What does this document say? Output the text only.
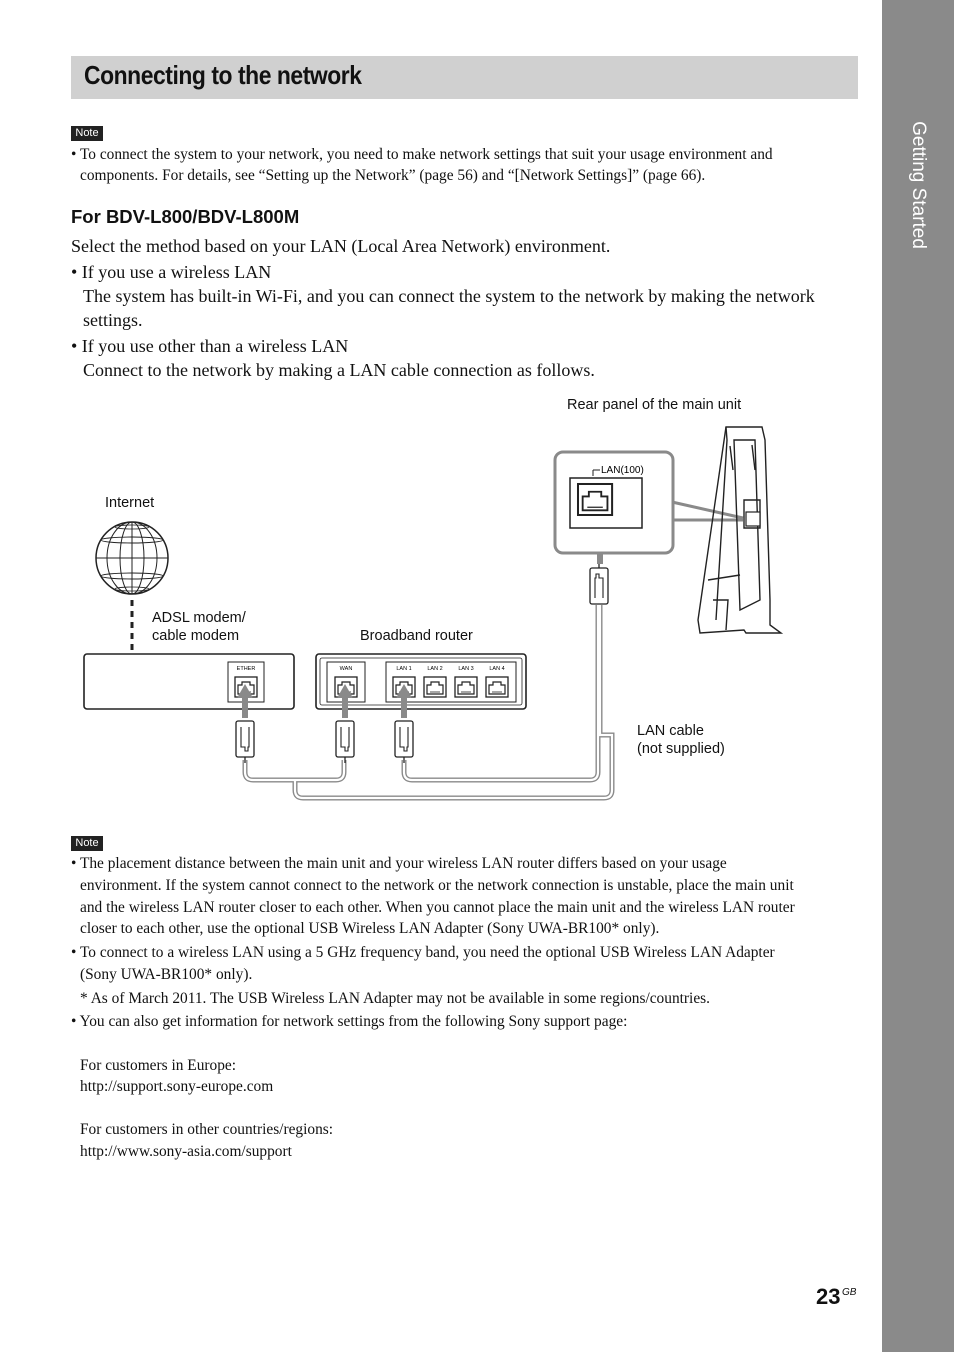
Getting Started
Connecting to the network
Note
• To connect the system to your network, you need to make network settings that suit your usage environment and
components. For details, see “Setting up the Network” (page 56) and “[Network Settings]” (page 66).
For BDV-L800/BDV-L800M
Select the method based on your LAN (Local Area Network) environment.
• If you use a wireless LAN
The system has built-in Wi-Fi, and you can connect the system to the network by making the network
settings.
• If you use other than a wireless LAN
Connect to the network by making a LAN cable connection as follows.
ETHER	WAN	LAN 1	LAN 2	LAN 3	LAN 4
LAN(100)
Rear panel of the main unit
Internet
ADSL modem/
cable modem	Broadband router
LAN cable
(not supplied)
Note
• The placement distance between the main unit and your wireless LAN router differs based on your usage
environment. If the system cannot connect to the network or the network connection is unstable, place the main unit
and the wireless LAN router closer to each other. When you cannot place the main unit and the wireless LAN router
closer to each other, use the optional USB Wireless LAN Adapter (Sony UWA-BR100* only).
• To connect to a wireless LAN using a 5 GHz frequency band, you need the optional USB Wireless LAN Adapter
(Sony UWA-BR100* only).
* As of March 2011. The USB Wireless LAN Adapter may not be available in some regions/countries.
• You can also get information for network settings from the following Sony support page:
For customers in Europe:
http://support.sony-europe.com
For customers in other countries/regions:
http://www.sony-asia.com/support
23 GB
